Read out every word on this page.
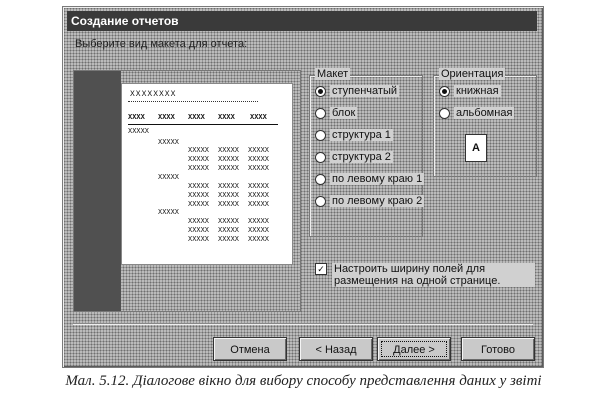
Создание отчетов
Выберите вид макета для отчета:
XXXXXXXX
XXXX XXXX XXXX XXXX XXXX
XXXXX
XXXXX
XXXXX XXXXX XXXXX
XXXXX XXXXX XXXXX
XXXXX XXXXX XXXXX
XXXXX
XXXXX XXXXX XXXXX
XXXXX XXXXX XXXXX
XXXXX XXXXX XXXXX
XXXXX
XXXXX XXXXX XXXXX
XXXXX XXXXX XXXXX
XXXXX XXXXX XXXXX
Макет
ступенчатый
блок
структура 1
структура 2
по левому краю 1
по левому краю 2
Ориентация
книжная
альбомная
A
✓ Настроить ширину полей для размещения на одной странице.
Отмена	< Назад	Далее >	Готово
Мал. 5.12. Діалогове вікно для вибору способу представлення даних у звіті
